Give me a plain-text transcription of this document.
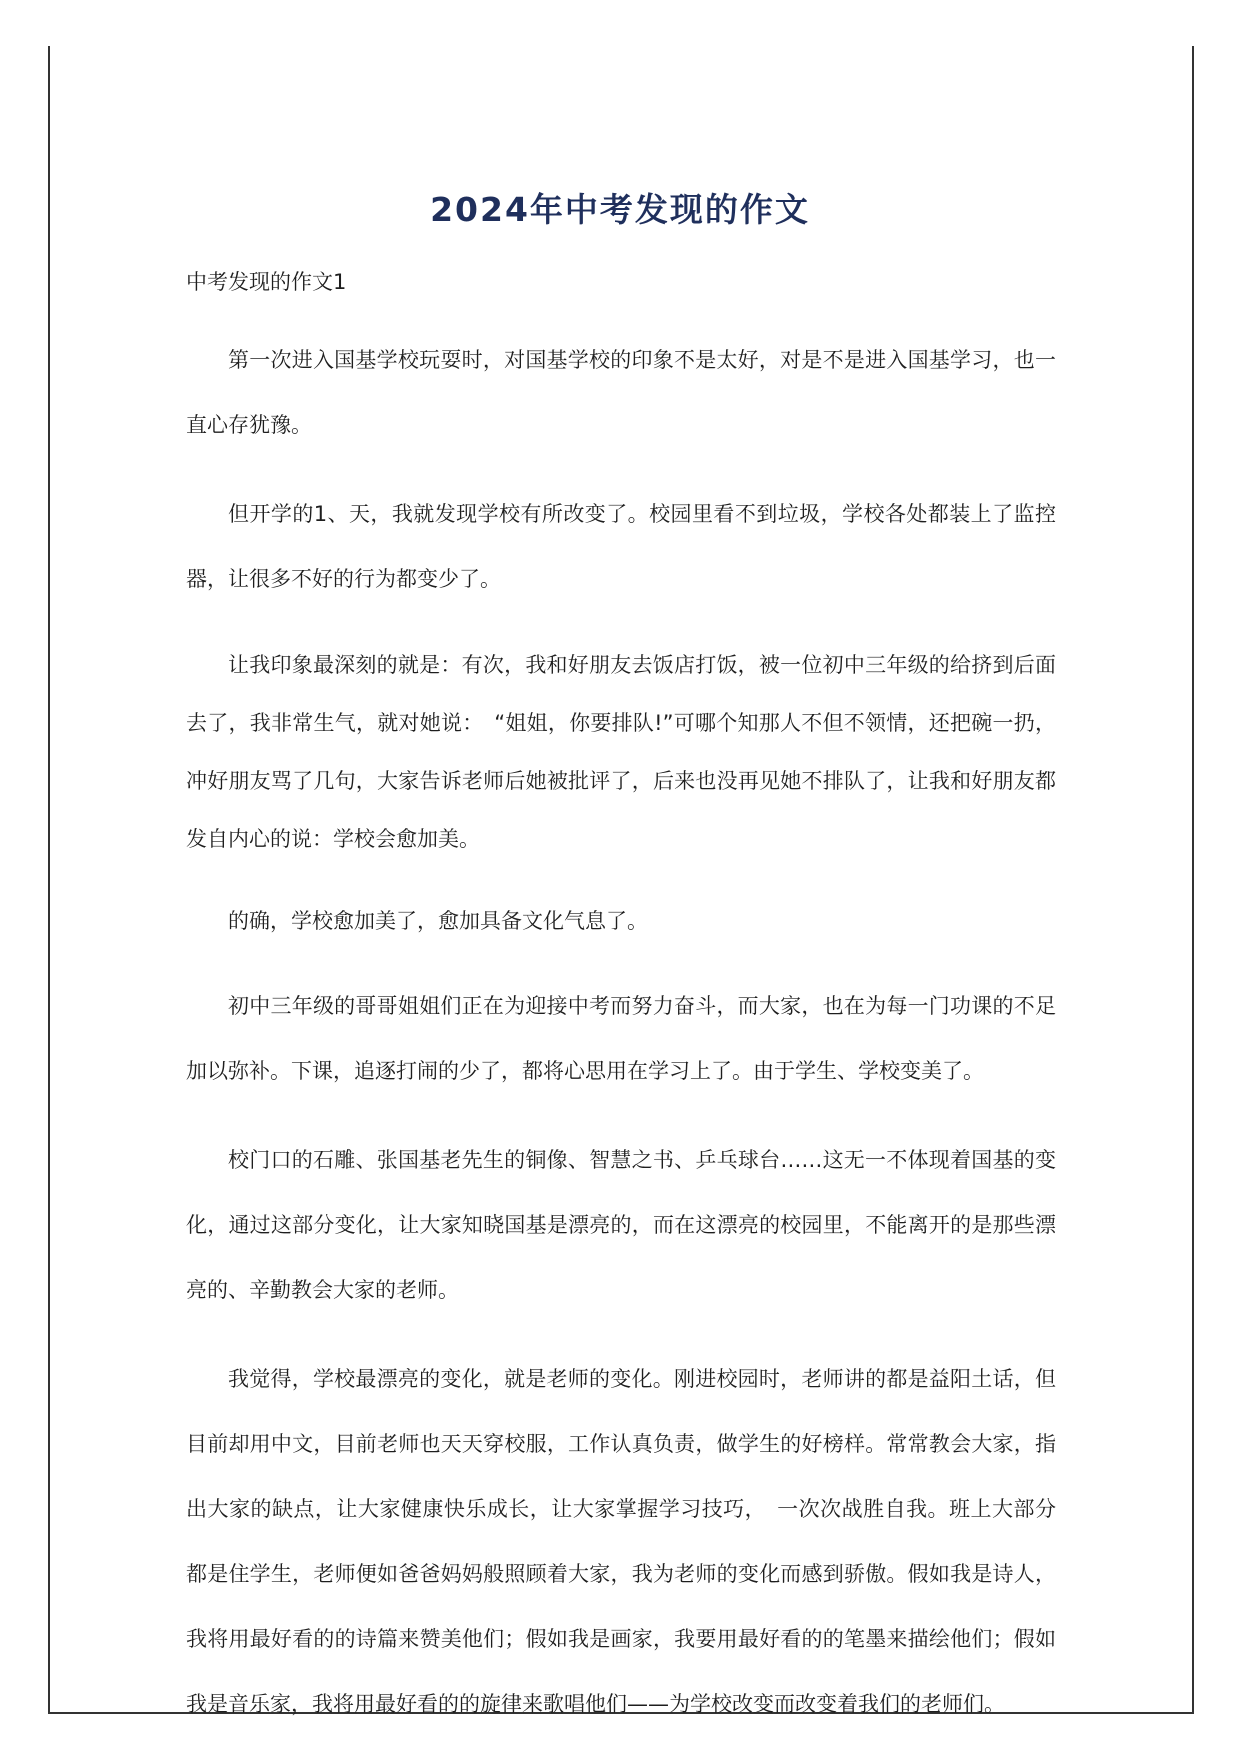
2024年中考发现的作文

中考发现的作文1

第一次进入国基学校玩耍时，对国基学校的印象不是太好，对是不是进入国基学习，也一直心存犹豫。

但开学的1、天，我就发现学校有所改变了。校园里看不到垃圾，学校各处都装上了监控器，让很多不好的行为都变少了。

让我印象最深刻的就是：有次，我和好朋友去饭店打饭，被一位初中三年级的给挤到后面去了，我非常生气，就对她说：　“姐姐，你要排队!”可哪个知那人不但不领情，还把碗一扔，冲好朋友骂了几句，大家告诉老师后她被批评了，后来也没再见她不排队了，让我和好朋友都发自内心的说：学校会愈加美。

的确，学校愈加美了，愈加具备文化气息了。

初中三年级的哥哥姐姐们正在为迎接中考而努力奋斗，而大家，也在为每一门功课的不足加以弥补。下课，追逐打闹的少了，都将心思用在学习上了。由于学生、学校变美了。

校门口的石雕、张国基老先生的铜像、智慧之书、乒乓球台……这无一不体现着国基的变化，通过这部分变化，让大家知晓国基是漂亮的，而在这漂亮的校园里，不能离开的是那些漂亮的、辛勤教会大家的老师。

我觉得，学校最漂亮的变化，就是老师的变化。刚进校园时，老师讲的都是益阳土话，但目前却用中文，目前老师也天天穿校服，工作认真负责，做学生的好榜样。常常教会大家，指出大家的缺点，让大家健康快乐成长，让大家掌握学习技巧，　一次次战胜自我。班上大部分都是住学生，老师便如爸爸妈妈般照顾着大家，我为老师的变化而感到骄傲。假如我是诗人，我将用最好看的的诗篇来赞美他们；假如我是画家，我要用最好看的的笔墨来描绘他们；假如我是音乐家，我将用最好看的的旋律来歌唱他们——为学校改变而改变着我们的老师们。
